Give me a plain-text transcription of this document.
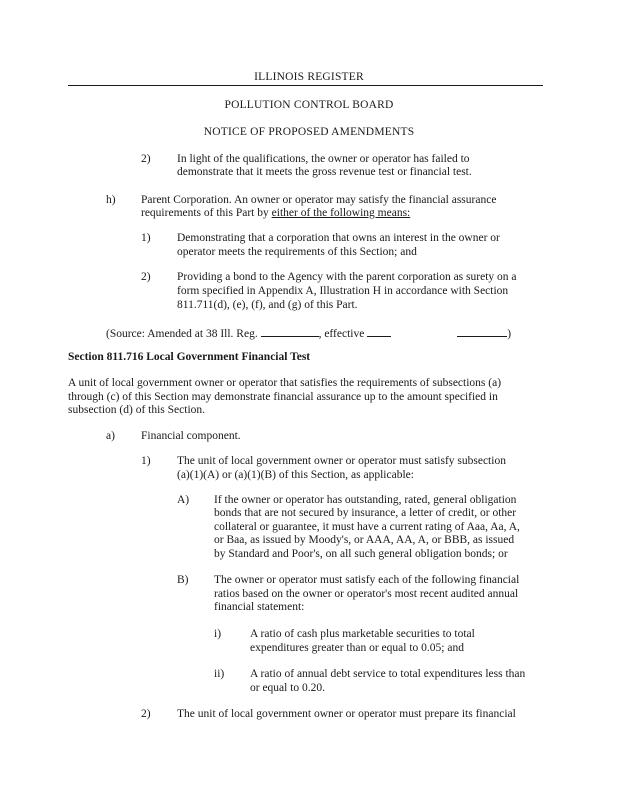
ILLINOIS REGISTER

POLLUTION CONTROL BOARD

NOTICE OF PROPOSED AMENDMENTS

2) In light of the qualifications, the owner or operator has failed to

demonstrate that it meets the gross revenue test or financial test.

h) Parent Corporation. An owner or operator may satisfy the financial assurance

requirements of this Part by either of the following means:

1) Demonstrating that a corporation that owns an interest in the owner or

operator meets the requirements of this Section; and

2) Providing a bond to the Agency with the parent corporation as surety on a

form specified in Appendix A, Illustration H in accordance with Section

811.711(d), (e), (f), and (g) of this Part.

(Source: Amended at 38 Ill. Reg.	, effective	)

Section 811.716 Local Government Financial Test

A unit of local government owner or operator that satisfies the requirements of subsections (a)

through (c) of this Section may demonstrate financial assurance up to the amount specified in

subsection (d) of this Section.

a) Financial component.

1) The unit of local government owner or operator must satisfy subsection

(a)(1)(A) or (a)(1)(B) of this Section, as applicable:

A) If the owner or operator has outstanding, rated, general obligation

bonds that are not secured by insurance, a letter of credit, or other

collateral or guarantee, it must have a current rating of Aaa, Aa, A,

or Baa, as issued by Moody's, or AAA, AA, A, or BBB, as issued

by Standard and Poor's, on all such general obligation bonds; or

B) The owner or operator must satisfy each of the following financial

ratios based on the owner or operator's most recent audited annual

financial statement:

i)	A ratio of cash plus marketable securities to total

expenditures greater than or equal to 0.05; and

ii) A ratio of annual debt service to total expenditures less than

or equal to 0.20.

2) The unit of local government owner or operator must prepare its financial
